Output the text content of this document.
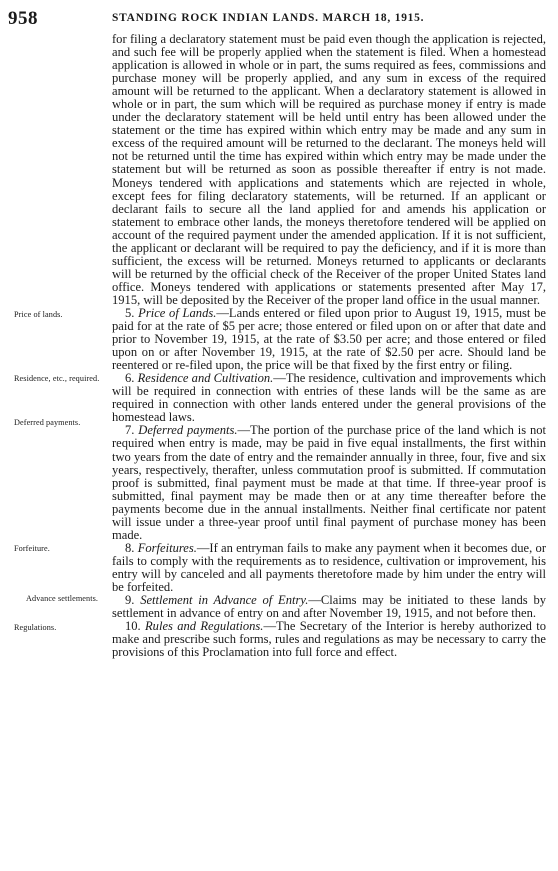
958	STANDING ROCK INDIAN LANDS. MARCH 18, 1915.

for filing a declaratory statement must be paid even though the application is rejected, and such fee will be properly applied when the statement is filed. When a homestead application is allowed in whole or in part, the sums required as fees, commissions and purchase money will be properly applied, and any sum in excess of the required amount will be returned to the applicant. When a declaratory statement is allowed in whole or in part, the sum which will be required as purchase money if entry is made under the declaratory statement will be held until entry has been allowed under the statement or the time has expired within which entry may be made and any sum in excess of the required amount will be returned to the declarant. The moneys held will not be returned until the time has expired within which entry may be made under the statement but will be returned as soon as possible thereafter if entry is not made. Moneys tendered with applications and statements which are rejected in whole, except fees for filing declaratory statements, will be returned. If an applicant or declarant fails to secure all the land applied for and amends his application or statement to embrace other lands, the moneys theretofore tendered will be applied on account of the required payment under the amended application. If it is not sufficient, the applicant or declarant will be required to pay the deficiency, and if it is more than sufficient, the excess will be returned. Moneys returned to applicants or declarants will be returned by the official check of the Receiver of the proper United States land office. Moneys tendered with applications or statements presented after May 17, 1915, will be deposited by the Receiver of the proper land office in the usual manner.

Price of lands.	5. Price of Lands.—Lands entered or filed upon prior to August 19, 1915, must be paid for at the rate of $5 per acre; those entered or filed upon on or after that date and prior to November 19, 1915, at the rate of $3.50 per acre; and those entered or filed upon on or after November 19, 1915, at the rate of $2.50 per acre. Should land be reentered or re-filed upon, the price will be that fixed by the first entry or filing.

Residence, etc., required.	6. Residence and Cultivation.—The residence, cultivation and improvements which will be required in connection with entries of these lands will be the same as are required in connection with other lands entered under the general provisions of the homestead laws.

Deferred payments.

7. Deferred payments.—The portion of the purchase price of the land which is not required when entry is made, may be paid in five equal installments, the first within two years from the date of entry and the remainder annually in three, four, five and six years, respectively, therafter, unless commutation proof is submitted. If commutation proof is submitted, final payment must be made at that time. If three-year proof is submitted, final payment may be made then or at any time thereafter before the payments become due in the annual installments. Neither final certificate nor patent will issue under a three-year proof until final payment of purchase money has been made.

Forfeiture.	8. Forfeitures.—If an entryman fails to make any payment when it becomes due, or fails to comply with the requirements as to residence, cultivation or improvement, his entry will by canceled and all payments theretofore made by him under the entry will be forfeited.

Advance settlements.	9. Settlement in Advance of Entry.—Claims may be initiated to these lands by settlement in advance of entry on and after November 19, 1915, and not before then.

Regulations.	10. Rules and Regulations.—The Secretary of the Interior is hereby authorized to make and prescribe such forms, rules and regulations as may be necessary to carry the provisions of this Proclamation into full force and effect.
